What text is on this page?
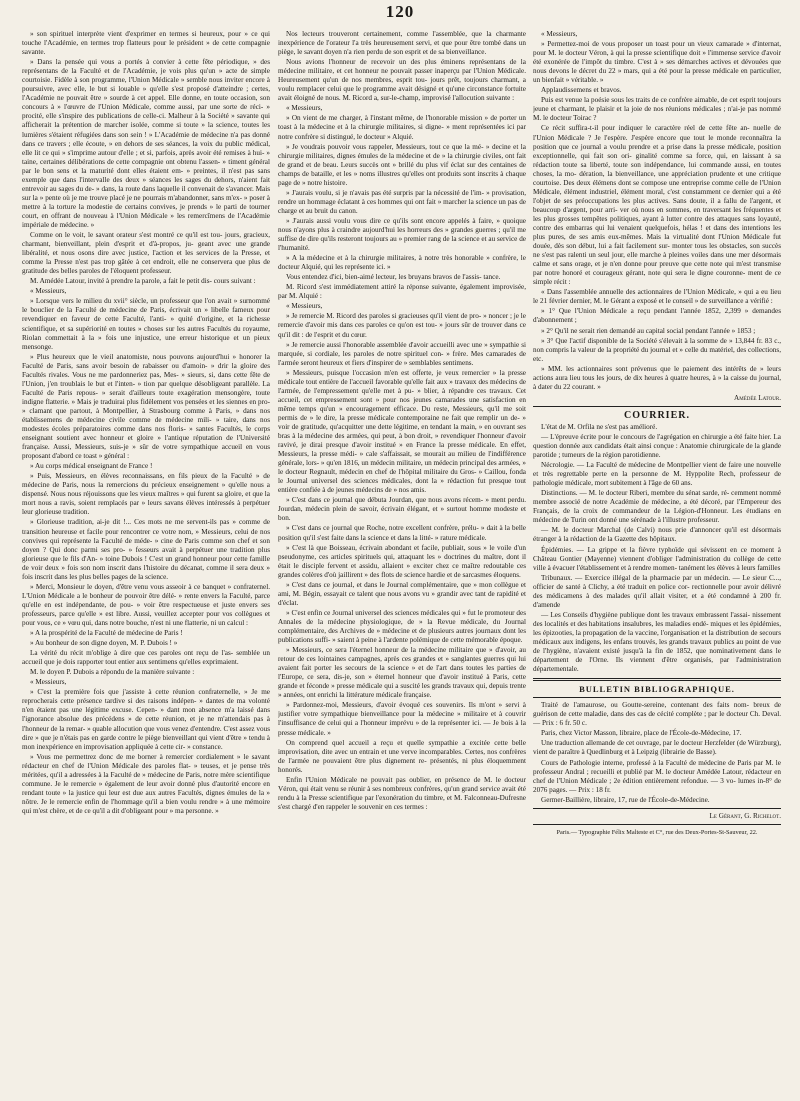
120

» son spirituel interprète vient d'exprimer en termes si heureux, pour » ce qui touche l'Académie, en termes trop flatteurs pour le président » de cette compagnie savante.

» Dans la pensée qui vous a portés à convier à cette fête périodique, » des représentans de la Faculté et de l'Académie, je vois plus qu'un » acte de simple courtoisie. Fidèle à son programme, l'Union Médicale » semble nous inviter encore à poursuivre, avec elle, le but si louable » qu'elle s'est proposé d'atteindre ; certes, l'Académie ne pouvait être » sourde à cet appel. Elle donne, en toute occasion, son concours à » l'œuvre de l'Union Médicale, comme aussi, par une sorte de réci- » procité, elle s'inspire des publications de celle-ci. Malheur à la Société » savante qui afficherait la prétention de marcher isolée, comme si toute » la science, toutes les lumières s'étaient réfugiées dans son sein ! » L'Académie de médecine n'a pas donné dans ce travers ; elle écoute, » en dehors de ses séances, la voix du public médical, elle lit ce qui » s'imprime autour d'elle ; et si, parfois, après avoir été remises à hui- » taine, certaines délibérations de cette compagnie ont obtenu l'assen- » timent général par le bon sens et la maturité dont elles étaient em- » preintes, il n'est pas sans exemple que dans l'intervalle des deux » séances les sages du dehors, n'aient fait entrevoir au sages du de- » dans, la route dans laquelle il convenait de s'avancer. Mais sur la » pente où je me trouve placé je ne pourrais m'abandonner, sans m'ex- » poser à mettre à la torture la modestie de certains convives, je prends » le parti de tourner court, en offrant de nouveau à l'Union Médicale » les remercîmens de l'Académie impériale de médecine. »

Comme on le voit, le savant orateur s'est montré ce qu'il est tou- jours, gracieux, charmant, bienveillant, plein d'esprit et d'à-propos, ju- geant avec une grande libéralité, et nous osons dire avec justice, l'action et les services de la Presse, et comme la Presse n'est pas trop gâtée à cet endroit, elle ne conservera que plus de gratitude des belles paroles de l'éloquent professeur.

M. Amédée Latour, invité à prendre la parole, a fait le petit dis- cours suivant :

« Messieurs,

» Lorsque vers le milieu du xvii° siècle, un professeur que l'on avait » surnommé le bouclier de la Faculté de médecine de Paris, écrivait un » libelle fameux pour revendiquer en faveur de cette Faculté, l'anti- » quité d'origine, et la richesse scientifique, et sa supériorité en toutes » choses sur les autres Facultés du royaume, Riolan commettait à la » fois une injustice, une erreur historique et un pieux mensonge.

» Plus heureux que le vieil anatomiste, nous pouvons aujourd'hui » honorer la Faculté de Paris, sans avoir besoin de rabaisser ou d'amoin- » drir la gloire des Facultés rivales. Vous ne me pardonneriez pas, Mes- » sieurs, si, dans cette fête de l'Union, j'en troublais le but et l'inten- » tion par quelque désobligeant parallèle. La Faculté de Paris repous- » serait d'ailleurs toute exagération mensongère, toute indigne flatterie. » Mais je traduirai plus fidèlement vos pensées et les siennes en pro- » clamant que partout, à Montpellier, à Strasbourg comme à Paris, » dans nos établissemens de médecine civile comme de médecine mili- » taire, dans nos modestes écoles préparatoires comme dans nos floris- » santes Facultés, le corps enseignant soutient avec honneur et gloire » l'antique réputation de l'Université française. Aussi, Messieurs, suis-je » sûr de votre sympathique accueil en vous proposant d'abord ce toast » général :

» Au corps médical enseignant de France !

» Puis, Messieurs, en élèves reconnaissans, en fils pieux de la Faculté » de médecine de Paris, nous la remercions du précieux enseignement » qu'elle nous a dispensé. Nous nous réjouissons que les vieux maîtres » qui furent sa gloire, et que la mort nous a ravis, soient remplacés par » leurs savans élèves intéressés à perpétuer leur glorieuse tradition.

» Glorieuse tradition, ai-je dit !... Ces mots ne me servent-ils pas » comme de transition heureuse et facile pour rencontrer ce votre nom, » Messieurs, celui de nos convives qui représente la Faculté de méde- » cine de Paris comme son chef et son doyen ? Qui donc parmi ses pro- » fesseurs avait à perpétuer une tradition plus glorieuse que le fils d'An- » toine Dubois ! C'est un grand honneur pour cette famille de voir deux » fois son nom inscrit dans l'histoire du décanat, comme il sera deux » fois inscrit dans les plus belles pages de la science.

» Merci, Monsieur le doyen, d'être venu vous asseoir à ce banquet » confraternel. L'Union Médicale a le bonheur de pouvoir être délé- » rente envers la Faculté, parce qu'elle en est indépendante, de pou- » voir être respectueuse et juste envers ses professeurs, parce qu'elle » est libre. Aussi, veuillez accepter pour vos collègues et pour vous, ce » vœu qui, dans notre bouche, n'est ni une flatterie, ni un calcul :

» A la prospérité de la Faculté de médecine de Paris !

» Au bonheur de son digne doyen, M. P. Dubois ! »

La vérité du récit m'oblige à dire que ces paroles ont reçu de l'as- semblée un accueil que je dois rapporter tout entier aux sentimens qu'elles exprimaient.

M. le doyen P. Dubois a répondu de la manière suivante :

« Messieurs,

» C'est la première fois que j'assiste à cette réunion confraternelle, » Je me reprocherais cette présence tardive si des raisons indépen- » dantes de ma volonté n'en étaient pas une légitime excuse. Cepen- » dant mon absence m'a laissé dans l'ignorance absolue des précédens » de cette réunion, et je ne m'attendais pas à l'honneur de la remar- » quable allocution que vous venez d'entendre. C'est assez vous dire » que je n'étais pas en garde contre le piège bienveillant qui vient d'être » tendu à mon inexpérience en improvisation appliquée à cette cir- » constance.

» Vous me permettrez donc de me borner à remercier cordialement » le savant rédacteur en chef de l'Union Médicale des paroles flat- » teuses, et je pense très méritées, qu'il a adressées à la Faculté de » médecine de Paris, notre mère scientifique commune. Je le remercie » également de leur avoir donné plus d'autorité encore en rendant toute » la justice qui leur est due aux autres Facultés, dignes émules de la » nôtre. Je le remercie enfin de l'hommage qu'il a bien voulu rendre » à une mémoire qui m'est chère, et de ce qu'il a dit d'obligeant pour » ma personne. »

Nos lecteurs trouveront certainement, comme l'assemblée, que la charmante inexpérience de l'orateur l'a très heureusement servi, et que pour être tombé dans un piège, le savant doyen n'a rien perdu de son esprit et de sa bienveillance.

Nous avions l'honneur de recevoir un des plus éminens représentans de la médecine militaire, et cet honneur ne pouvait passer inaperçu par l'Union Médicale. Heureusement qu'un de nos membres, esprit tou- jours prêt, toujours charmant, a voulu remplacer celui que le programme avait désigné et qu'une circonstance fortuite avait éloigné de nous. M. Ricord a, sur-le-champ, improvisé l'allocution suivante :

« Messieurs,

» On vient de me charger, à l'instant même, de l'honorable mission » de porter un toast à la médecine et à la chirurgie militaires, si digne- » ment représentées ici par notre confrère si distingué, le docteur » Alquié.

» Je voudrais pouvoir vous rappeler, Messieurs, tout ce que la mé- » decine et la chirurgie militaires, dignes émules de la médecine et de » la chirurgie civiles, ont fait de grand et de beau. Leurs succès ont » brillé du plus vif éclat sur des centaines de champs de bataille, et les » noms illustres qu'elles ont produits sont inscrits à chaque page de » notre histoire.

» J'aurais voulu, si je n'avais pas été surpris par la nécessité de l'im- » provisation, rendre un hommage éclatant à ces hommes qui ont fait » marcher la science un pas de charge et au bruit du canon.

» J'aurais aussi voulu vous dire ce qu'ils sont encore appelés à faire, » quoique nous n'ayons plus à craindre aujourd'hui les horreurs des » grandes guerres ; qu'il me suffise de dire qu'ils resteront toujours au » premier rang de la science et au service de l'humanité.

» A la médecine et à la chirurgie militaires, à notre très honorable » confrère, le docteur Alquié, qui les représente ici. »

Vous entendez d'ici, bien-aimé lecteur, les bruyans bravos de l'assis- tance.

M. Ricord s'est immédiatement attiré la réponse suivante, également improvisée, par M. Alquié :

« Messieurs,

» Je remercie M. Ricord des paroles si gracieuses qu'il vient de pro- » noncer ; je le remercie d'avoir mis dans ces paroles ce qu'on est tou- » jours sûr de trouver dans ce qu'il dit : de l'esprit et du cœur.

» Je remercie aussi l'honorable assemblée d'avoir accueilli avec une » sympathie si marquée, si cordiale, les paroles de notre spirituel con- » frère. Mes camarades de l'armée seront heureux et fiers d'inspirer de » semblables sentimens.

» Messieurs, puisque l'occasion m'en est offerte, je veux remercier » la presse médicale tout entière de l'accueil favorable qu'elle fait aux » travaux des médecins de l'armée, de l'empressement qu'elle met à pu- » blier, à répandre ces travaux. Cet accueil, cet empressement sont » pour nos jeunes camarades une satisfaction en même temps qu'un » encouragement efficace. Du reste, Messieurs, qu'il me soit permis de » le dire, la presse médicale contemporaine ne fait que remplir un de- » voir de gratitude, qu'acquitter une dette légitime, en tendant la main, » en ouvrant ses bras à la médecine des armées, qui peut, à bon droit, » revendiquer l'honneur d'avoir ravivé, je dirai presque d'avoir institué » en France la presse médicale. En effet, Messieurs, la presse médi- » cale s'affaissait, se mourait au milieu de l'indifférence générale, lors- » qu'en 1816, un médecin militaire, un médecin principal des armées, » le docteur Regnault, médecin en chef de l'hôpital militaire du Gros- » Caillou, fonda le Journal universel des sciences médicales, dont la » rédaction fut presque tout entière confiée à de jeunes médecins de » nos amis.

» C'est dans ce journal que débuta Jourdan, que nous avons récem- » ment perdu. Jourdan, médecin plein de savoir, écrivain élégant, et » surtout homme modeste et bon.

» C'est dans ce journal que Roche, notre excellent confrère, prélu- » dait à la belle position qu'il s'est faite dans la science et dans la litté- » rature médicale.

» C'est là que Boisseau, écrivain abondant et facile, publiait, sous » le voile d'un pseudonyme, ces articles spirituels qui, attaquant les » doctrines du maître, dont il était le disciple fervent et assidu, allaient » exciter chez ce maître redoutable ces grandes colères d'où jaillirent » des flots de science hardie et de sarcasmes éloquens.

» C'est dans ce journal, et dans le Journal complémentaire, que » mon collègue et ami, M. Bégin, essayait ce talent que nous avons vu » grandir avec tant de rapidité et d'éclat.

» C'est enfin ce Journal universel des sciences médicales qui » fut le promoteur des Annales de la médecine physiologique, de » la Revue médicale, du Journal complémentaire, des Archives de » médecine et de plusieurs autres journaux dont les publications suffi- » saient à peine à l'ardente polémique de cette mémorable époque.

» Messieurs, ce sera l'éternel honneur de la médecine militaire que » d'avoir, au retour de ces lointaines campagnes, après ces grandes et » sanglantes guerres qui lui avaient fait porter les secours de la science » et de l'art dans toutes les parties de l'Europe, ce sera, dis-je, son » éternel honneur que d'avoir institué à Paris, cette grande et féconde » presse médicale qui a suscité les grands travaux qui, depuis trente » années, ont enrichi la littérature médicale française.

» Pardonnez-moi, Messieurs, d'avoir évoqué ces souvenirs. Ils m'ont » servi à justifier votre sympathique bienveillance pour la médecine » militaire et à couvrir l'insuffisance de celui qui a l'honneur imprévu » de la représenter ici. — Je bois à la presse médicale. »

On comprend quel accueil a reçu et quelle sympathie a excitée cette belle improvisation, dite avec un entrain et une verve incomparables. Certes, nos confrères de l'armée ne pouvaient être plus dignement re- présentés, ni plus éloquemment honorés.

Enfin l'Union Médicale ne pouvait pas oublier, en présence de M. le docteur Véron, qui était venu se réunir à ses nombreux confrères, qu'un grand service avait été rendu à la Presse scientifique par l'exonération du timbre, et M. Falconneau-Dufresne s'est chargé d'en rappeler le souvenir en ces termes :

« Messieurs,

» Permettez-moi de vous proposer un toast pour un vieux camarade » d'internat, pour M. le docteur Véron, à qui la presse scientifique doit » l'immense service d'avoir été exonérée de l'impôt du timbre. C'est à » ses démarches actives et dévouées que nous devons le décret du 22 » mars, qui a été pour la presse médicale en particulier, un bienfait » véritable. »

Applaudissemens et bravos.

Puis est venue la poésie sous les traits de ce confrère aimable, de cet esprit toujours jeune et charmant, le plaisir et la joie de nos réunions médicales ; n'ai-je pas nommé M. le docteur Toirac ?

Ce récit suffira-t-il pour indiquer le caractère réel de cette fête an- nuelle de l'Union Médicale ? Je l'espère. J'espère encore que tout le monde reconnaîtra la position que ce journal a voulu prendre et a prise dans la presse médicale, position exceptionnelle, qui fait son ori- ginalité comme sa force, qui, en laissant à sa rédaction toute sa liberté, toute son indépendance, lui commande aussi, en toutes choses, la mo- dération, la bienveillance, une appréciation prudente et une critique courtoise. Des deux élémens dont se compose une entreprise comme celle de l'Union Médicale, élément industriel, élément moral, c'est constamment ce dernier qui a été l'objet de ses préoccupations les plus actives. Sans doute, il a fallu de l'argent, et beaucoup d'argent, pour arri- ver où nous en sommes, en traversant les fréquentes et les plus grosses tempêtes politiques, ayant à lutter contre des attaques sans loyauté, contre des embarras qui lui venaient quelquefois, hélas ! et dans des intentions les plus pures, de ses amis eux-mêmes. Mais la virtualité dont l'Union Médicale fut douée, dès son début, lui a fait facilement sur- monter tous les obstacles, son succès ne s'est pas ralenti un seul jour, elle marche à pleines voiles dans une mer désormais calme et sans orage, et je n'en donne pour preuve que cette note qui m'est transmise par notre honoré et courageux gérant, note qui sera le digne couronne- ment de ce simple récit :

« Dans l'assemblée annuelle des actionnaires de l'Union Médicale, » qui a eu lieu le 21 février dernier, M. le Gérant a exposé et le conseil » de surveillance a vérifié :

» 1° Que l'Union Médicale a reçu pendant l'année 1852, 2,399 » demandes d'abonnement ;

» 2° Qu'il ne serait rien demandé au capital social pendant l'année » 1853 ;

» 3° Que l'actif disponible de la Société s'élevait à la somme de » 13,844 fr. 83 c., non compris la valeur de la propriété du journal et » celle du matériel, des collections, etc.

» MM. les actionnaires sont prévenus que le paiement des intérêts de » leurs actions aura lieu tous les jours, de dix heures à quatre heures, à » la caisse du journal, à dater du 22 courant. »

Amédée Latour.
COURRIER.

L'état de M. Orfila ne s'est pas amélioré.

— L'épreuve écrite pour le concours de l'agrégation en chirurgie a été faite hier. La question donnée aux candidats était ainsi conçue : Anatomie chirurgicale de la glande parotide ; tumeurs de la région parotidienne.

Nécrologie. — La Faculté de médecine de Montpellier vient de faire une nouvelle et très regrettable perte en la personne de M. Hyppolite Rech, professeur de pathologie médicale, mort subitement à l'âge de 60 ans.

Distinctions. — M. le docteur Riberi, membre du sénat sarde, ré- cemment nommé membre associé de notre Académie de médecine, a été décoré, par l'Empereur des Français, de la croix de commandeur de la Légion-d'Honneur. Les étudians en médecine de Turin ont donné une sérénade à l'illustre professeur.

— M. le docteur Marchal (de Calvi) nous prie d'annoncer qu'il est désormais étranger à la rédaction de la Gazette des hôpitaux.

Épidémies. — La grippe et la fièvre typhoïde qui sévissent en ce moment à Château Gontier (Mayenne) viennent d'obliger l'administration du collège de cette ville à évacuer l'établissement et à rendre momen- tanément les élèves à leurs familles

Tribunaux. — Exercice illégal de la pharmacie par un médecin. — Le sieur C..., officier de santé à Clichy, a été traduit en police cor- rectionnelle pour avoir délivré des médicamens à des malades qu'il allait visiter, et a été condamné à 200 fr. d'amende

— Les Conseils d'hygiène publique dont les travaux embrassent l'assai- nissement des localités et des habitations insalubres, les maladies endé- miques et les épidémies, les épizooties, la propagation de la vaccine, l'organisation et la distribution de secours médicaux aux indigens, les enfans trouvés, les grands travaux publics au point de vue de l'hygiène, n'avaient existé jusqu'à la fin de 1852, que nominativement dans le département de l'Orne. Ils viennent d'être organisés, par l'administration départementale.

BULLETIN BIBLIOGRAPHIQUE.

Traité de l'amaurose, ou Goutte-sereine, contenant des faits nom- breux de guérison de cette maladie, dans des cas de cécité complète ; par le docteur Ch. Deval. — Prix : 6 fr. 50 c.

Paris, chez Victor Masson, libraire, place de l'École-de-Médecine, 17.

Une traduction allemande de cet ouvrage, par le docteur Herzfelder (de Würzburg), vient de paraître à Quedlinburg et à Leipzig (librairie de Basse).

Cours de Pathologie interne, professé à la Faculté de médecine de Paris par M. le professeur Andral ; recueilli et publié par M. le docteur Amédée Latour, rédacteur en chef de l'Union Médicale ; 2e édition entièrement refondue. — 3 vo- lumes in-8° de 2076 pages. — Prix : 18 fr.

Germer-Baillière, libraire, 17, rue de l'École-de-Médecine.

Le Gérant, G. Richelot.
Paris.— Typographie Félix Malteste et C°, rue des Deux-Portes-St-Sauveur, 22.
